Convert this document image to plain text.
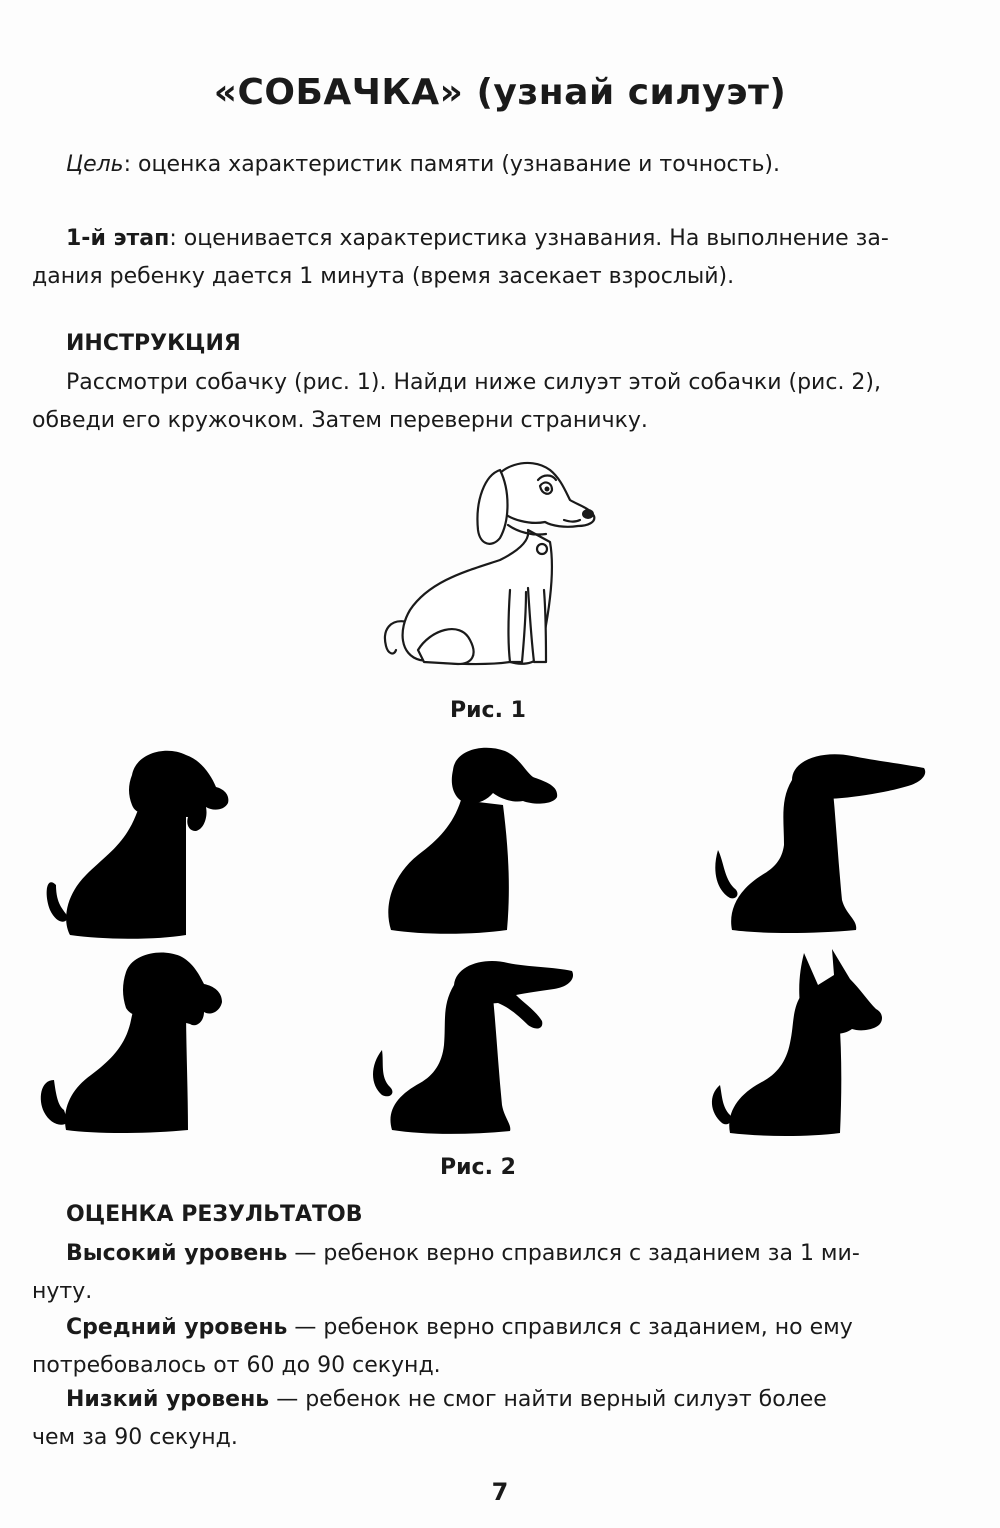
«СОБАЧКА» (узнай силуэт)
Цель: оценка характеристик памяти (узнавание и точность).
1-й этап: оценивается характеристика узнавания. На выполнение за-
дания ребенку дается 1 минута (время засекает взрослый).
ИНСТРУКЦИЯ
Рассмотри собачку (рис. 1). Найди ниже силуэт этой собачки (рис. 2),
обведи его кружочком. Затем переверни страничку.
Рис. 1
Рис. 2
ОЦЕНКА РЕЗУЛЬТАТОВ
Высокий уровень — ребенок верно справился с заданием за 1 ми-
нуту.
Средний уровень — ребенок верно справился с заданием, но ему
потребовалось от 60 до 90 секунд.
Низкий уровень — ребенок не смог найти верный силуэт более
чем за 90 секунд.
7
